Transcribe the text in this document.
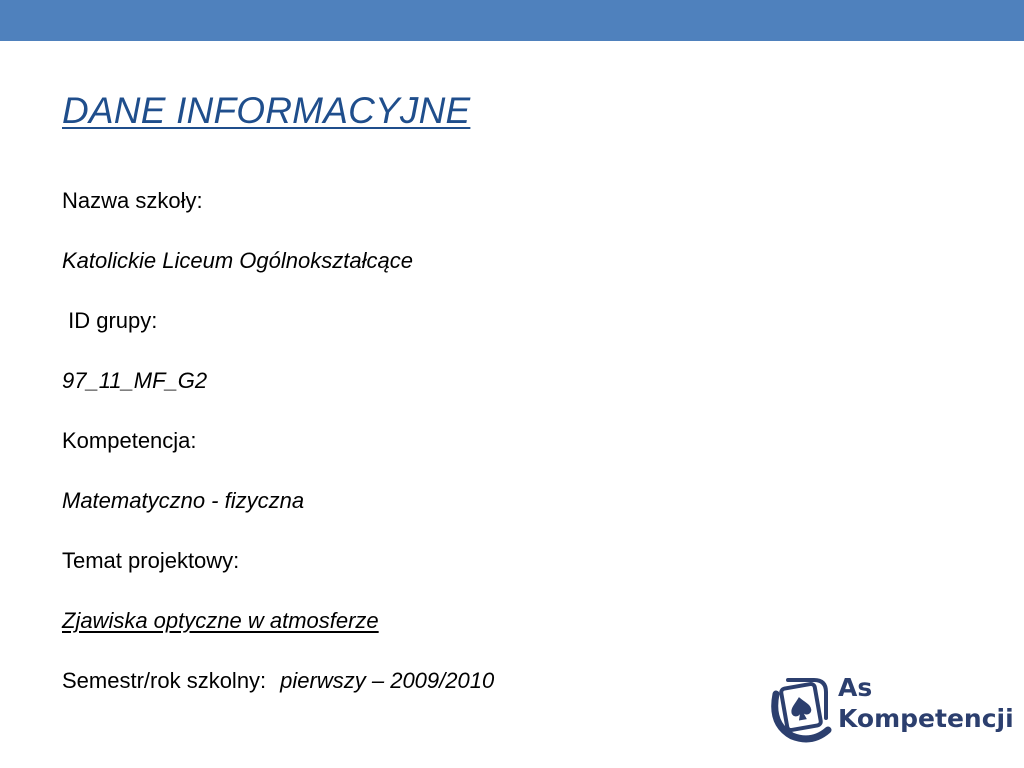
DANE INFORMACYJNE
Nazwa szkoły:
Katolickie Liceum Ogólnokształcące
ID grupy:
97_11_MF_G2
Kompetencja:
Matematyczno - fizyczna
Temat projektowy:
Zjawiska optyczne w atmosferze
Semestr/rok szkolny: pierwszy – 2009/2010	As
Kompetencji
